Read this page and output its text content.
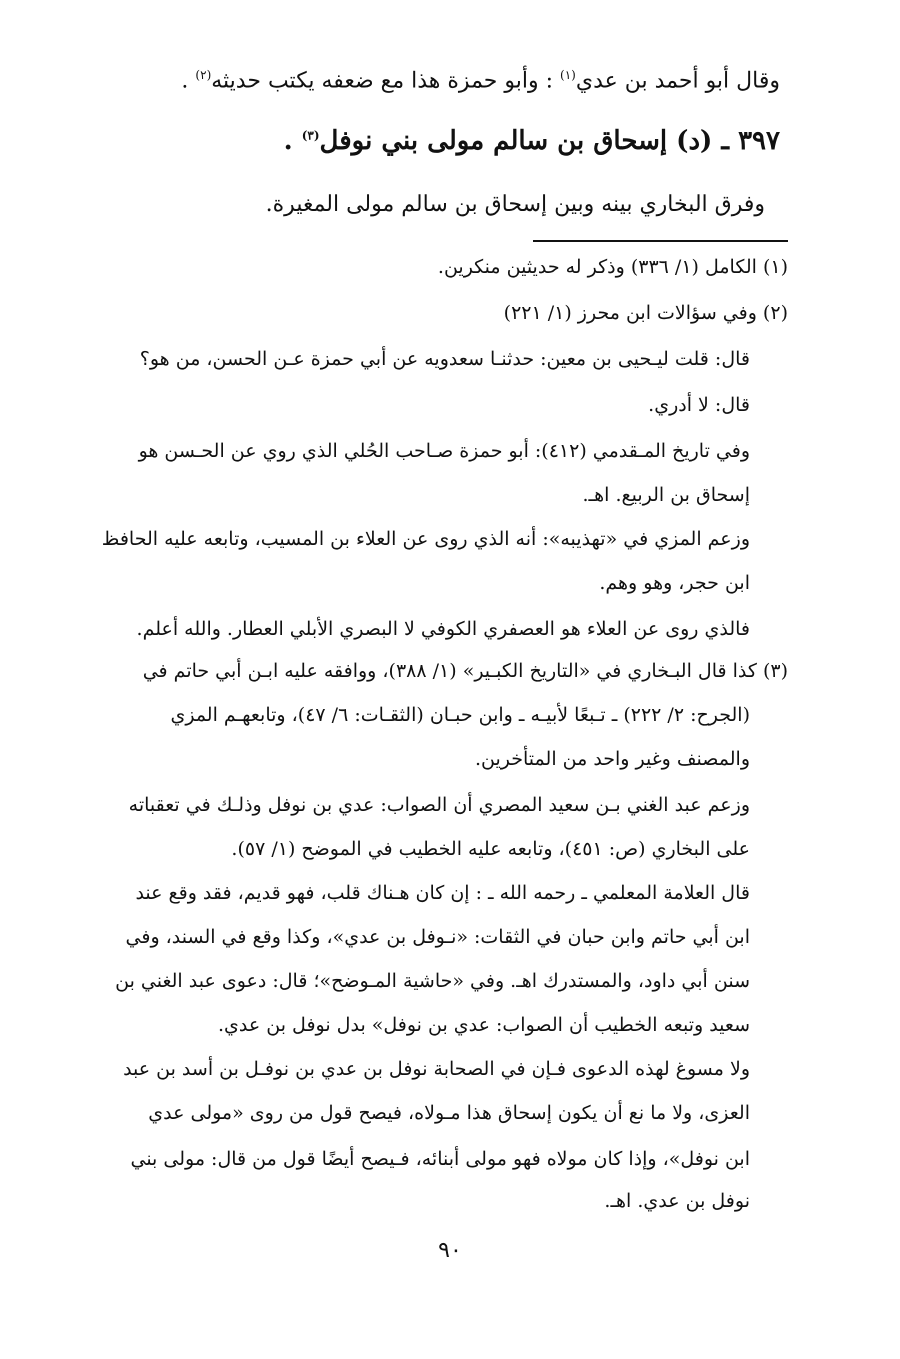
وقال أبو أحمد بن عدي$^{(١)}$ : وأبو حمزة هذا مع ضعفه يكتب حديثه$^{(٢)}$ .
٣٩٧ ـ (د) إسحاق بن سالم مولى بني نوفل$^{(٣)}$ .
وفرق البخاري بينه وبين إسحاق بن سالم مولى المغيرة.
(١) الكامل (١/ ٣٣٦) وذكر له حديثين منكرين.
(٢) وفي سؤالات ابن محرز (١/ ٢٢١)
قال: قلت ليـحيى بن معين: حدثنـا سعدويه عن أبي حمزة عـن الحسن، من هو؟
قال: لا أدري.
وفي تاريخ المـقدمي (٤١٢): أبو حمزة صـاحب الحُلي الذي روي عن الحـسن هو
إسحاق بن الربيع. اهـ.
وزعم المزي في «تهذيبه»: أنه الذي روى عن العلاء بن المسيب، وتابعه عليه الحافظ
ابن حجر، وهو وهم.
فالذي روى عن العلاء هو العصفري الكوفي لا البصري الأبلي العطار. والله أعلم.
(٣) كذا قال البـخاري في «التاريخ الكبـير» (١/ ٣٨٨)، ووافقه عليه ابـن أبي حاتم في
(الجرح: ٢/ ٢٢٢) ـ تـبعًا لأبيـه ـ وابن حبـان (الثقـات: ٦/ ٤٧)، وتابعهـم المزي
والمصنف وغير واحد من المتأخرين.
وزعم عبد الغني بـن سعيد المصري أن الصواب: عدي بن نوفل وذلـك في تعقباته
على البخاري (ص: ٤٥١)، وتابعه عليه الخطيب في الموضح (١/ ٥٧).
قال العلامة المعلمي ـ رحمه الله ـ : إن كان هـناك قلب، فهو قديم، فقد وقع عند
ابن أبي حاتم وابن حبان في الثقات: «نـوفل بن عدي»، وكذا وقع في السند، وفي
سنن أبي داود، والمستدرك اهـ. وفي «حاشية المـوضح»؛ قال: دعوى عبد الغني بن
سعيد وتبعه الخطيب أن الصواب: عدي بن نوفل» بدل نوفل بن عدي.
ولا مسوغ لهذه الدعوى فـإن في الصحابة نوفل بن عدي بن نوفـل بن أسد بن عبد
العزى، ولا ما نع أن يكون إسحاق هذا مـولاه، فيصح قول من روى «مولى عدي
ابن نوفل»، وإذا كان مولاه فهو مولى أبنائه، فـيصح أيضًا قول من قال: مولى بني
نوفل بن عدي. اهـ.
٩٠
